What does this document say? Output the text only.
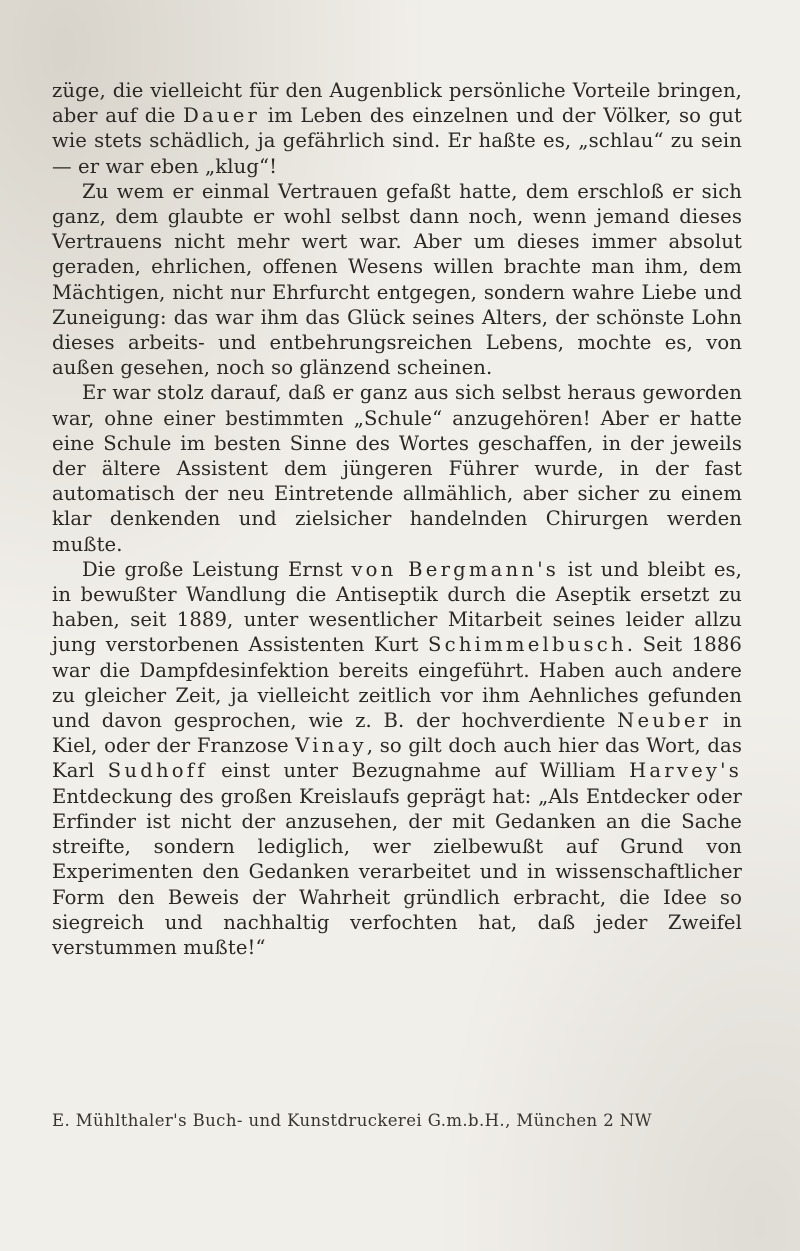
züge, die vielleicht für den Augenblick persönliche Vorteile bringen, aber auf die Dauer im Leben des einzelnen und der Völker, so gut wie stets schädlich, ja gefährlich sind. Er haßte es, „schlau“ zu sein — er war eben „klug“!

Zu wem er einmal Vertrauen gefaßt hatte, dem erschloß er sich ganz, dem glaubte er wohl selbst dann noch, wenn jemand dieses Vertrauens nicht mehr wert war. Aber um dieses immer absolut geraden, ehrlichen, offenen Wesens willen brachte man ihm, dem Mächtigen, nicht nur Ehrfurcht entgegen, sondern wahre Liebe und Zuneigung: das war ihm das Glück seines Alters, der schönste Lohn dieses arbeits- und entbehrungsreichen Lebens, mochte es, von außen gesehen, noch so glänzend scheinen.

Er war stolz darauf, daß er ganz aus sich selbst heraus geworden war, ohne einer bestimmten „Schule“ anzugehören! Aber er hatte eine Schule im besten Sinne des Wortes geschaffen, in der jeweils der ältere Assistent dem jüngeren Führer wurde, in der fast automatisch der neu Eintretende allmählich, aber sicher zu einem klar denkenden und zielsicher handelnden Chirurgen werden mußte.

Die große Leistung Ernst von Bergmann's ist und bleibt es, in bewußter Wandlung die Antiseptik durch die Aseptik ersetzt zu haben, seit 1889, unter wesentlicher Mitarbeit seines leider allzu jung verstorbenen Assistenten Kurt Schimmelbusch. Seit 1886 war die Dampfdesinfektion bereits eingeführt. Haben auch andere zu gleicher Zeit, ja vielleicht zeitlich vor ihm Aehnliches gefunden und davon gesprochen, wie z. B. der hochverdiente Neuber in Kiel, oder der Franzose Vinay, so gilt doch auch hier das Wort, das Karl Sudhoff einst unter Bezugnahme auf William Harvey's Entdeckung des großen Kreislaufs geprägt hat: „Als Entdecker oder Erfinder ist nicht der anzusehen, der mit Gedanken an die Sache streifte, sondern lediglich, wer zielbewußt auf Grund von Experimenten den Gedanken verarbeitet und in wissenschaftlicher Form den Beweis der Wahrheit gründlich erbracht, die Idee so siegreich und nachhaltig verfochten hat, daß jeder Zweifel verstummen mußte!“

E. Mühlthaler's Buch- und Kunstdruckerei G.m.b.H., München 2 NW
